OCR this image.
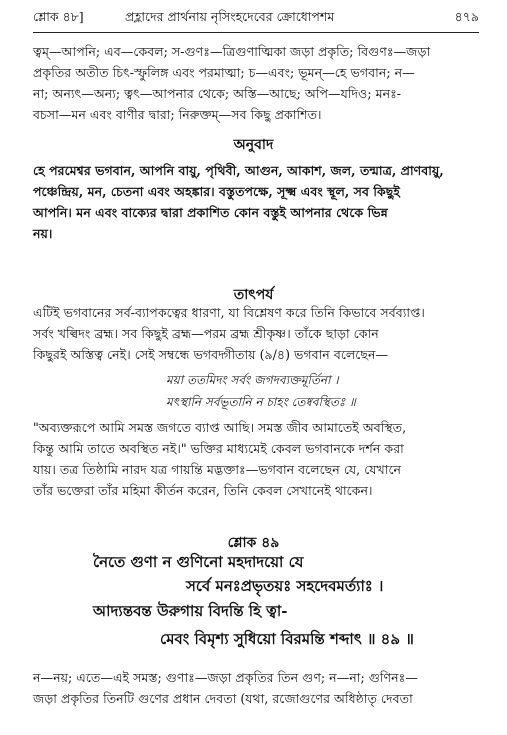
শ্লোক ৪৮]	প্রহ্লাদের প্রার্থনায় নৃসিংহদেবের ক্রোধোপশম	৪৭৯

ত্বম্—আপনি; এব—কেবল; স-গুণঃ—ত্রিগুণাত্মিকা জড়া প্রকৃতি; বিগুণঃ—জড়া

প্রকৃতির অতীত চিৎ-স্ফুলিঙ্গ এবং পরমাত্মা; চ—এবং; ভূমন্—হে ভগবান; ন—

না; অন্যৎ—অন্য; ত্বৎ—আপনার থেকে; অস্তি—আছে; অপি—যদিও; মনঃ-

বচসা—মন এবং বাণীর দ্বারা; নিরুক্তম্—সব কিছু প্রকাশিত।

অনুবাদ

হে পরমেশ্বর ভগবান, আপনি বায়ু, পৃথিবী, আগুন, আকাশ, জল, তন্মাত্র, প্রাণবায়ু,

পঞ্চেন্দ্রিয়, মন, চেতনা এবং অহঙ্কার। বস্তুতপক্ষে, সূক্ষ্ম এবং স্থূল, সব কিছুই

আপনি। মন এবং বাক্যের দ্বারা প্রকাশিত কোন বস্তুই আপনার থেকে ভিন্ন

নয়।

তাৎপর্য

এটিই ভগবানের সর্ব-ব্যাপকত্বের ধারণা, যা বিশ্লেষণ করে তিনি কিভাবে সর্বব্যাপ্ত।

সর্বং খল্বিদং ব্রহ্ম। সব কিছুই ব্রহ্ম—পরম ব্রহ্ম শ্রীকৃষ্ণ। তাঁকে ছাড়া কোন

কিছুরই অস্তিত্ব নেই। সেই সম্বন্ধে ভগবদ্গীতায় (৯/৪) ভগবান বলেছেন—

ময়া ততমিদং সর্বং জগদব্যক্তমূর্তিনা ।

মৎস্থানি সর্বভূতানি ন চাহং তেষ্ববস্থিতঃ ॥

"অব্যক্তরূপে আমি সমস্ত জগতে ব্যাপ্ত আছি। সমস্ত জীব আমাতেই অবস্থিত,

কিন্তু আমি তাতে অবস্থিত নই।" ভক্তির মাধ্যমেই কেবল ভগবানকে দর্শন করা

যায়। তত্র তিষ্ঠামি নারদ যত্র গায়ন্তি মদ্ভক্তাঃ—ভগবান বলেছেন যে, যেখানে

তাঁর ভক্তেরা তাঁর মহিমা কীর্তন করেন, তিনি কেবল সেখানেই থাকেন।

শ্লোক ৪৯
নৈতে গুণা ন গুণিনো মহদাদয়ো যে
সর্বে মনঃপ্রভৃতয়ঃ সহদেবমর্ত্যাঃ ।
আদ্যন্তবন্ত উরুগায় বিদন্তি হি ত্বা-
মেবং বিমৃশ্য সুধিয়ো বিরমন্তি শব্দাৎ ॥ ৪৯ ॥

ন—নয়; এতে—এই সমস্ত; গুণাঃ—জড়া প্রকৃতির তিন গুণ; ন—না; গুণিনঃ—

জড়া প্রকৃতির তিনটি গুণের প্রধান দেবতা (যথা, রজোগুণের অধিষ্ঠাতৃ দেবতা
